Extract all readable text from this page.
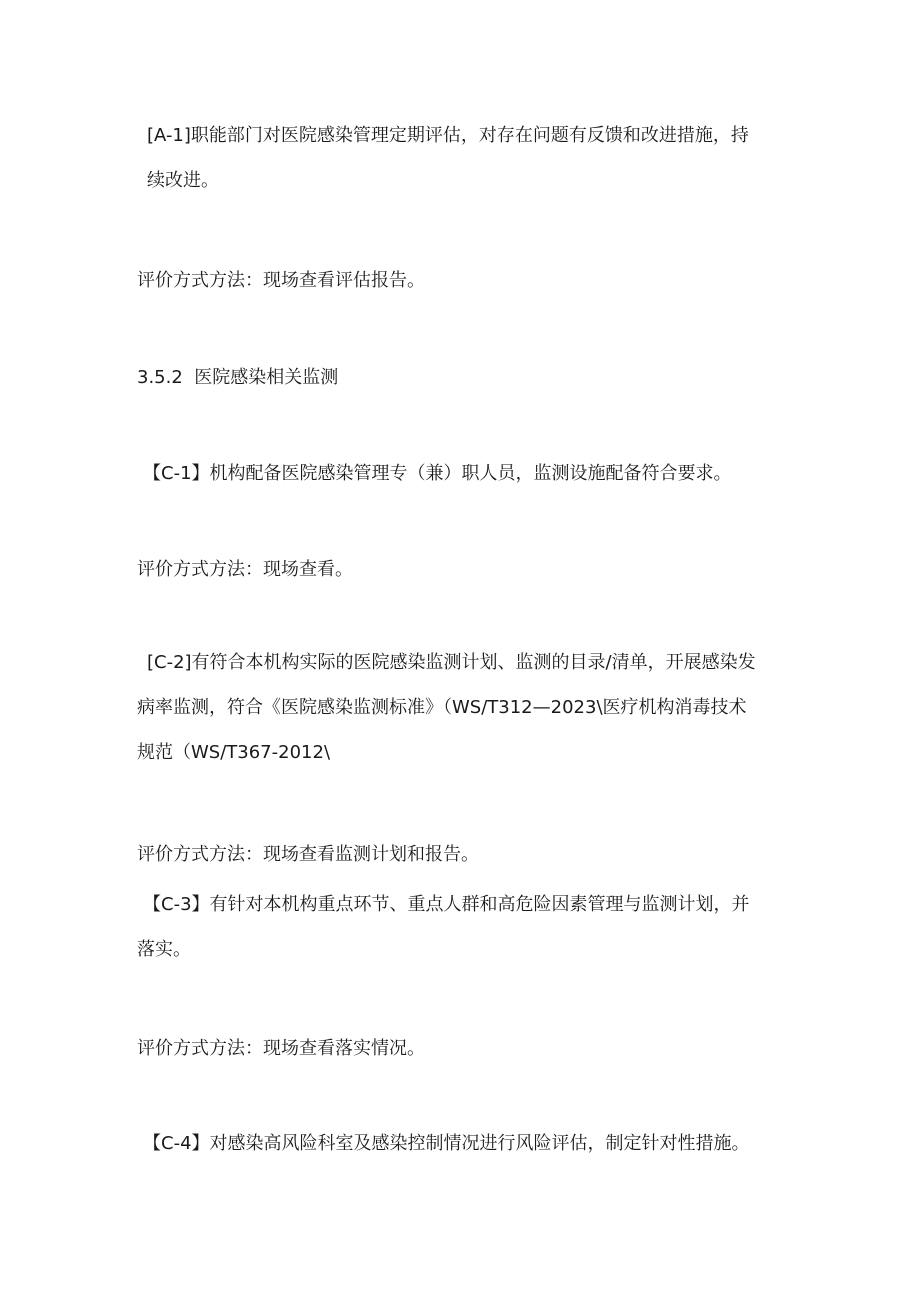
[A-1]职能部门对医院感染管理定期评估，对存在问题有反馈和改进措施，持
续改进。

评价方式方法：现场查看评估报告。

3.5.2  医院感染相关监测

【C-1】机构配备医院感染管理专（兼）职人员，监测设施配备符合要求。

评价方式方法：现场查看。

[C-2]有符合本机构实际的医院感染监测计划、监测的目录/清单，开展感染发
病率监测，符合《医院感染监测标准》（WS/T312—2023\医疗机构消毒技术
规范（WS/T367-2012\

评价方式方法：现场查看监测计划和报告。

【C-3】有针对本机构重点环节、重点人群和高危险因素管理与监测计划，并
落实。

评价方式方法：现场查看落实情况。

【C-4】对感染高风险科室及感染控制情况进行风险评估，制定针对性措施。
